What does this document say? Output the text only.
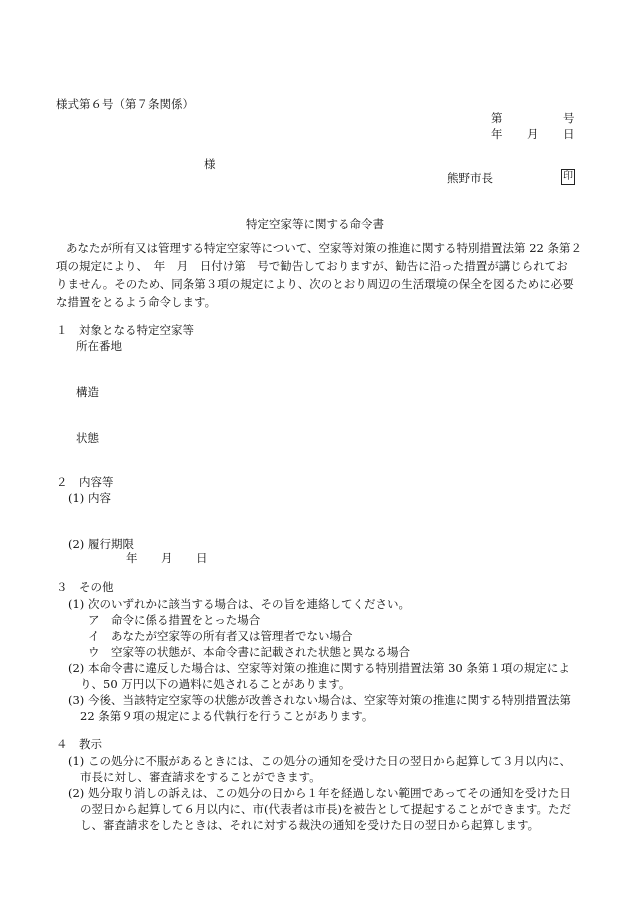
様式第６号（第７条関係）
第	号
年 月 日
様
熊野市長	印
特定空家等に関する命令書
あなたが所有又は管理する特定空家等について、空家等対策の推進に関する特別措置法第 22 条第２
項の規定により、　年　月　日付け第　号で勧告しておりますが、勧告に沿った措置が講じられてお
りません。そのため、同条第３項の規定により、次のとおり周辺の生活環境の保全を図るために必要
な措置をとるよう命令します。
１　対象となる特定空家等
所在番地
構造
状態
２　内容等
(1) 内容
(2) 履行期限
年 月 日
３　その他
(1) 次のいずれかに該当する場合は、その旨を連絡してください。
ア　命令に係る措置をとった場合
イ　あなたが空家等の所有者又は管理者でない場合
ウ　空家等の状態が、本命令書に記載された状態と異なる場合
(2) 本命令書に違反した場合は、空家等対策の推進に関する特別措置法第 30 条第１項の規定によ
り、50 万円以下の過料に処されることがあります。
(3) 今後、当該特定空家等の状態が改善されない場合は、空家等対策の推進に関する特別措置法第
22 条第９項の規定による代執行を行うことがあります。
４　教示
(1) この処分に不服があるときには、この処分の通知を受けた日の翌日から起算して３月以内に、
市長に対し、審査請求をすることができます。
(2) 処分取り消しの訴えは、この処分の日から１年を経過しない範囲であってその通知を受けた日
の翌日から起算して６月以内に、市(代表者は市長)を被告として提起することができます。ただ
し、審査請求をしたときは、それに対する裁決の通知を受けた日の翌日から起算します。
